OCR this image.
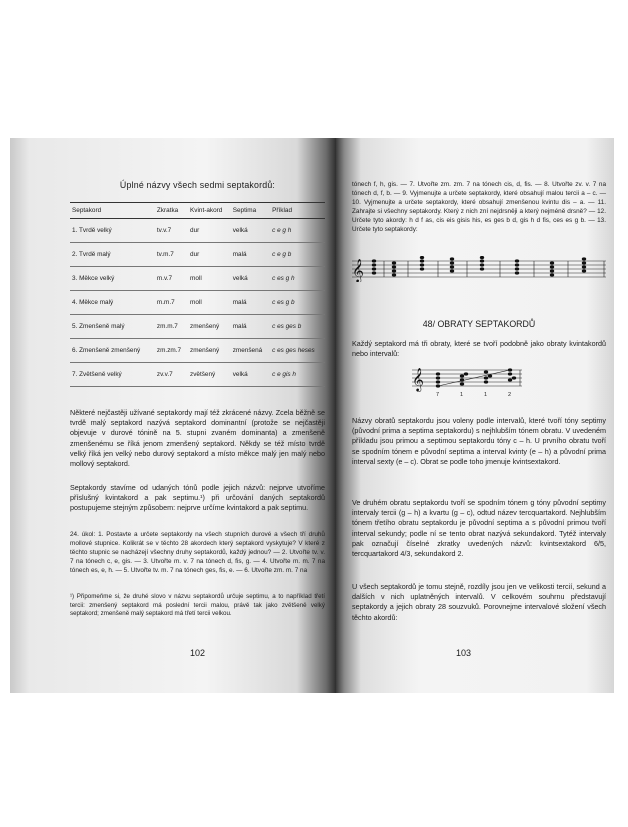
Úplné názvy všech sedmi septakordů:
Septakord	Zkratka	Kvint-akord	Septima	Příklad
1. Tvrdě velký	tv.v.7	dur	velká	c e g h
2. Tvrdě malý	tv.m.7	dur	malá	c e g b
3. Měkce velký	m.v.7	moll	velká	c es g h
4. Měkce malý	m.m.7	moll	malá	c es g b
5. Zmenšeně malý	zm.m.7	zmenšený	malá	c es ges b
6. Zmenšeně zmenšený	zm.zm.7	zmenšený	zmenšená	c es ges heses
7. Zvětšeně velký	zv.v.7	zvětšený	velká	c e gis h
Některé nejčastěji užívané septakordy mají též zkrácené názvy. Zcela běžně se tvrdě malý septakord nazývá septakord dominantní (protože se nejčastěji objevuje v durové tónině na 5. stupni zvaném dominanta) a zmenšeně zmenšenému se říká jenom zmenšený septakord. Někdy se též místo tvrdě velký říká jen velký nebo durový septakord a místo měkce malý jen malý nebo mollový septakord.
Septakordy stavíme od udaných tónů podle jejich názvů: nejprve utvoříme příslušný kvintakord a pak septimu.¹) při určování daných septakordů postupujeme stejným způsobem: nejprve určíme kvintakord a pak septimu.
24. úkol: 1. Postavte a určete septakordy na všech stupních durové a všech tří druhů mollové stupnice. Kolikrát se v těchto 28 akordech který septakord vyskytuje? V které z těchto stupnic se nacházejí všechny druhy septakordů, každý jednou? — 2. Utvořte tv. v. 7 na tónech c, e, gis. — 3. Utvořte m. v. 7 na tónech d, fis, g. — 4. Utvořte m. m. 7 na tónech es, e, h. — 5. Utvořte tv. m. 7 na tónech ges, fis, e. — 6. Utvořte zm. m. 7 na
¹) Připomeňme si, že druhé slovo v názvu septakordů určuje septimu, a to například třetí tercii: zmenšený septakord má poslední tercii malou, právě tak jako zvětšeně velký septakord; zmenšeně malý septakord má třetí tercii velkou.
102
tónech f, h, gis. — 7. Utvořte zm. zm. 7 na tónech cis, d, fis. — 8. Utvořte zv. v. 7 na tónech d, f, b. — 9. Vyjmenujte a určete septakordy, které obsahují malou tercii a – c. — 10. Vyjmenujte a určete septakordy, které obsahují zmenšenou kvintu dis – a. — 11. Zahrajte si všechny septakordy. Který z nich zní nejdrsněji a který nejméně drsně? — 12. Určete tyto akordy: h d f as, cis eis gisis his, es ges b d, gis h d fis, ces es g b. — 13. Určete tyto septakordy:
𝄞
48/ OBRATY SEPTAKORDŮ
Každý septakord má tři obraty, které se tvoří podobně jako obraty kvintakordů nebo intervalů:
𝄞
7	1	1	2
Názvy obratů septakordu jsou voleny podle intervalů, které tvoří tóny septimy (původní prima a septima septakordu) s nejhlubším tónem obratu. V uvedeném příkladu jsou primou a septimou septakordu tóny c – h. U prvního obratu tvoří se spodním tónem e původní septima a interval kvinty (e – h) a původní prima interval sexty (e – c). Obrat se podle toho jmenuje kvintsextakord.
Ve druhém obratu septakordu tvoří se spodním tónem g tóny původní septimy intervaly tercii (g – h) a kvartu (g – c), odtud název tercquartakord. Nejhlubším tónem třetího obratu septakordu je původní septima a s původní primou tvoří interval sekundy; podle ní se tento obrat nazývá sekundakord. Tytéž intervaly pak označují číselné zkratky uvedených názvů: kvintsextakord 6/5, tercquartakord 4/3, sekundakord 2.
U všech septakordů je tomu stejně, rozdíly jsou jen ve velikosti tercií, sekund a dalších v nich uplatněných intervalů. V celkovém souhrnu představují septakordy a jejich obraty 28 souzvuků. Porovnejme intervalové složení všech těchto akordů:
103
